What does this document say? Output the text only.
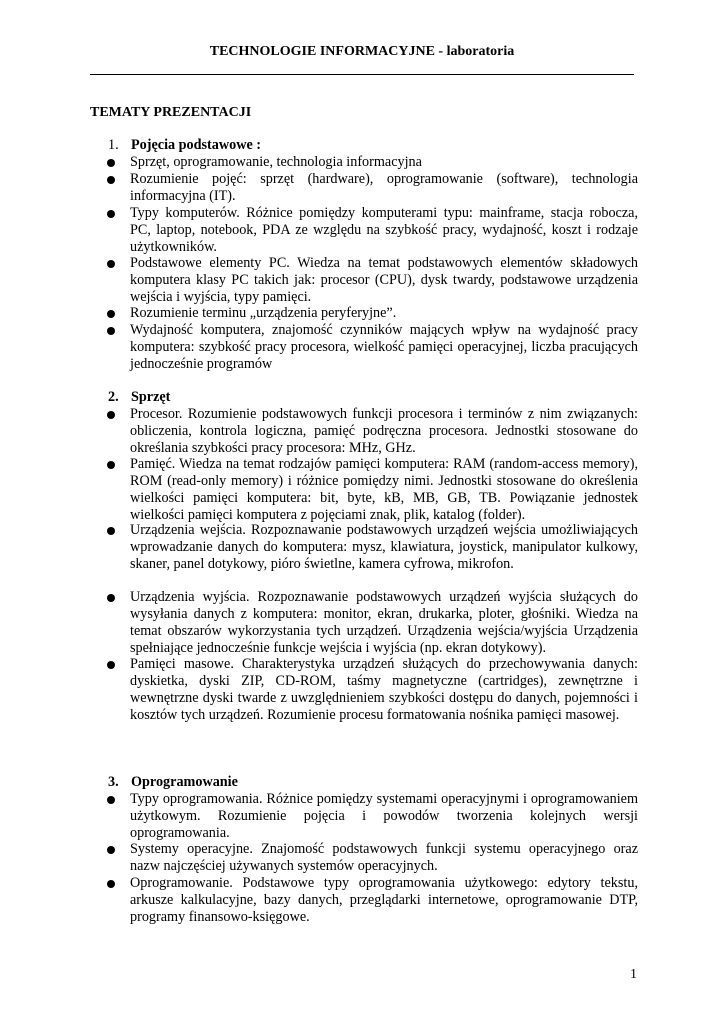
TECHNOLOGIE INFORMACYJNE - laboratoria
TEMATY PREZENTACJI
1. Pojęcia podstawowe :
Sprzęt, oprogramowanie, technologia informacyjna
Rozumienie pojęć: sprzęt (hardware), oprogramowanie (software), technologia informacyjna (IT).
Typy komputerów. Różnice pomiędzy komputerami typu: mainframe, stacja robocza, PC, laptop, notebook, PDA ze względu na szybkość pracy, wydajność, koszt i rodzaje użytkowników.
Podstawowe elementy PC. Wiedza na temat podstawowych elementów składowych komputera klasy PC takich jak: procesor (CPU), dysk twardy, podstawowe urządzenia wejścia i wyjścia, typy pamięci.
Rozumienie terminu „urządzenia peryferyjne”.
Wydajność komputera, znajomość czynników mających wpływ na wydajność pracy komputera: szybkość pracy procesora, wielkość pamięci operacyjnej, liczba pracujących jednocześnie programów
2. Sprzęt
Procesor. Rozumienie podstawowych funkcji procesora i terminów z nim związanych: obliczenia, kontrola logiczna, pamięć podręczna procesora. Jednostki stosowane do określania szybkości pracy procesora: MHz, GHz.
Pamięć. Wiedza na temat rodzajów pamięci komputera: RAM (random-access memory), ROM (read-only memory) i różnice pomiędzy nimi. Jednostki stosowane do określenia wielkości pamięci komputera: bit, byte, kB, MB, GB, TB. Powiązanie jednostek wielkości pamięci komputera z pojęciami znak, plik, katalog (folder).
Urządzenia wejścia. Rozpoznawanie podstawowych urządzeń wejścia umożliwiających wprowadzanie danych do komputera: mysz, klawiatura, joystick, manipulator kulkowy, skaner, panel dotykowy, pióro świetlne, kamera cyfrowa, mikrofon.
Urządzenia wyjścia. Rozpoznawanie podstawowych urządzeń wyjścia służących do wysyłania danych z komputera: monitor, ekran, drukarka, ploter, głośniki. Wiedza na temat obszarów wykorzystania tych urządzeń. Urządzenia wejścia/wyjścia Urządzenia spełniające jednocześnie funkcje wejścia i wyjścia (np. ekran dotykowy).
Pamięci masowe. Charakterystyka urządzeń służących do przechowywania danych: dyskietka, dyski ZIP, CD-ROM, taśmy magnetyczne (cartridges), zewnętrzne i wewnętrzne dyski twarde z uwzględnieniem szybkości dostępu do danych, pojemności i kosztów tych urządzeń. Rozumienie procesu formatowania nośnika pamięci masowej.
3. Oprogramowanie
Typy oprogramowania. Różnice pomiędzy systemami operacyjnymi i oprogramowaniem użytkowym. Rozumienie pojęcia i powodów tworzenia kolejnych wersji oprogramowania.
Systemy operacyjne. Znajomość podstawowych funkcji systemu operacyjnego oraz nazw najczęściej używanych systemów operacyjnych.
Oprogramowanie. Podstawowe typy oprogramowania użytkowego: edytory tekstu, arkusze kalkulacyjne, bazy danych, przeglądarki internetowe, oprogramowanie DTP, programy finansowo-księgowe.
1
